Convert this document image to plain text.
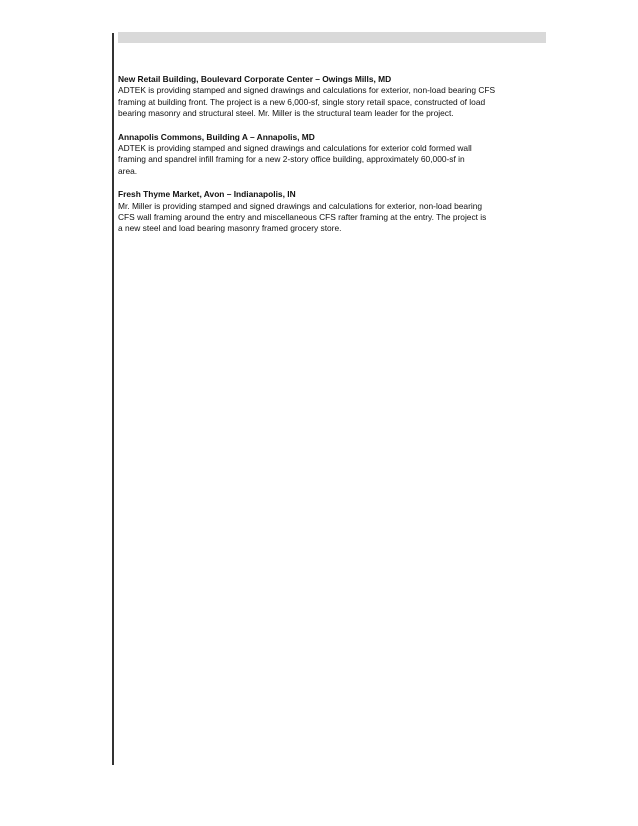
New Retail Building, Boulevard Corporate Center – Owings Mills, MD

ADTEK is providing stamped and signed drawings and calculations for exterior, non-load bearing CFS
framing at building front. The project is a new 6,000-sf, single story retail space, constructed of load
bearing masonry and structural steel. Mr. Miller is the structural team leader for the project.

Annapolis Commons, Building A – Annapolis, MD

ADTEK is providing stamped and signed drawings and calculations for exterior cold formed wall
framing and spandrel infill framing for a new 2-story office building, approximately 60,000-sf in
area.

Fresh Thyme Market, Avon – Indianapolis, IN

Mr. Miller is providing stamped and signed drawings and calculations for exterior, non-load bearing
CFS wall framing around the entry and miscellaneous CFS rafter framing at the entry. The project is
a new steel and load bearing masonry framed grocery store.
